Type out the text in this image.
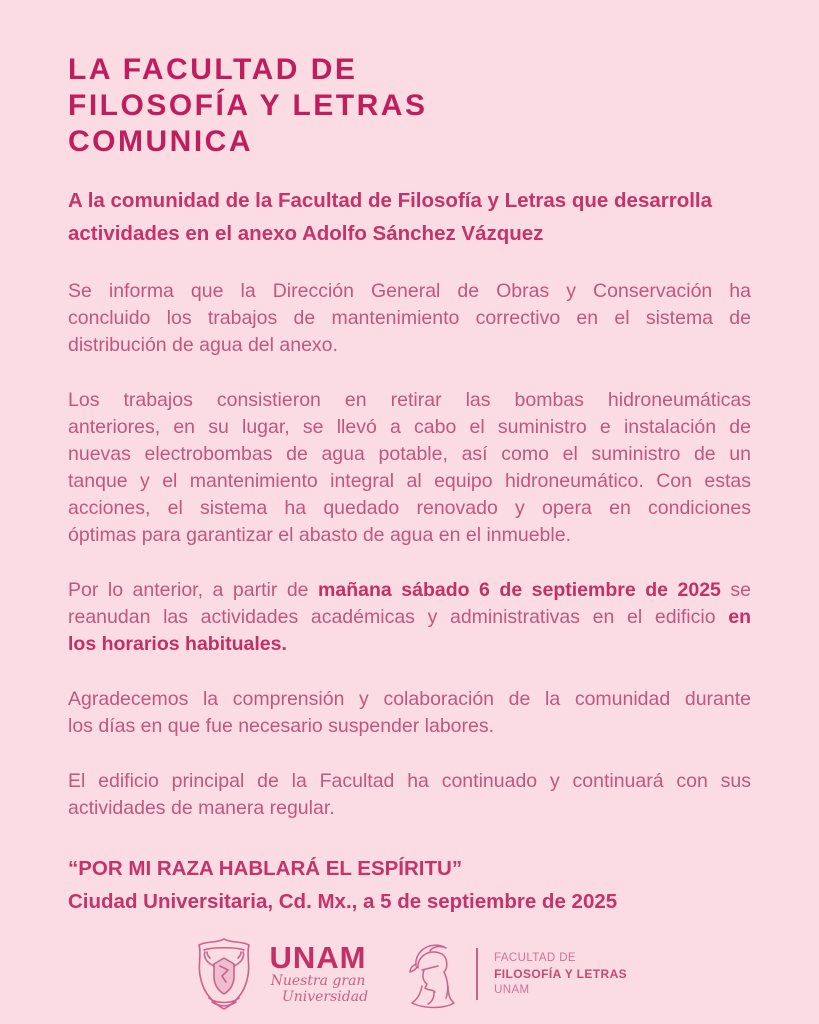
LA FACULTAD DE
FILOSOFÍA Y LETRAS
COMUNICA
A la comunidad de la Facultad de Filosofía y Letras que desarrolla
actividades en el anexo Adolfo Sánchez Vázquez
Se informa que la Dirección General de Obras y Conservación ha
concluido los trabajos de mantenimiento correctivo en el sistema de
distribución de agua del anexo.
Los trabajos consistieron en retirar las bombas hidroneumáticas
anteriores, en su lugar, se llevó a cabo el suministro e instalación de
nuevas electrobombas de agua potable, así como el suministro de un
tanque y el mantenimiento integral al equipo hidroneumático. Con estas
acciones, el sistema ha quedado renovado y opera en condiciones
óptimas para garantizar el abasto de agua en el inmueble.
Por lo anterior, a partir de mañana sábado 6 de septiembre de 2025 se
reanudan las actividades académicas y administrativas en el edificio en
los horarios habituales.
Agradecemos la comprensión y colaboración de la comunidad durante
los días en que fue necesario suspender labores.
El edificio principal de la Facultad ha continuado y continuará con sus
actividades de manera regular.
“POR MI RAZA HABLARÁ EL ESPÍRITU”
Ciudad Universitaria, Cd. Mx., a 5 de septiembre de 2025
UNAM
Nuestra gran
Universidad
FACULTAD DE
FILOSOFÍA Y LETRAS
UNAM
